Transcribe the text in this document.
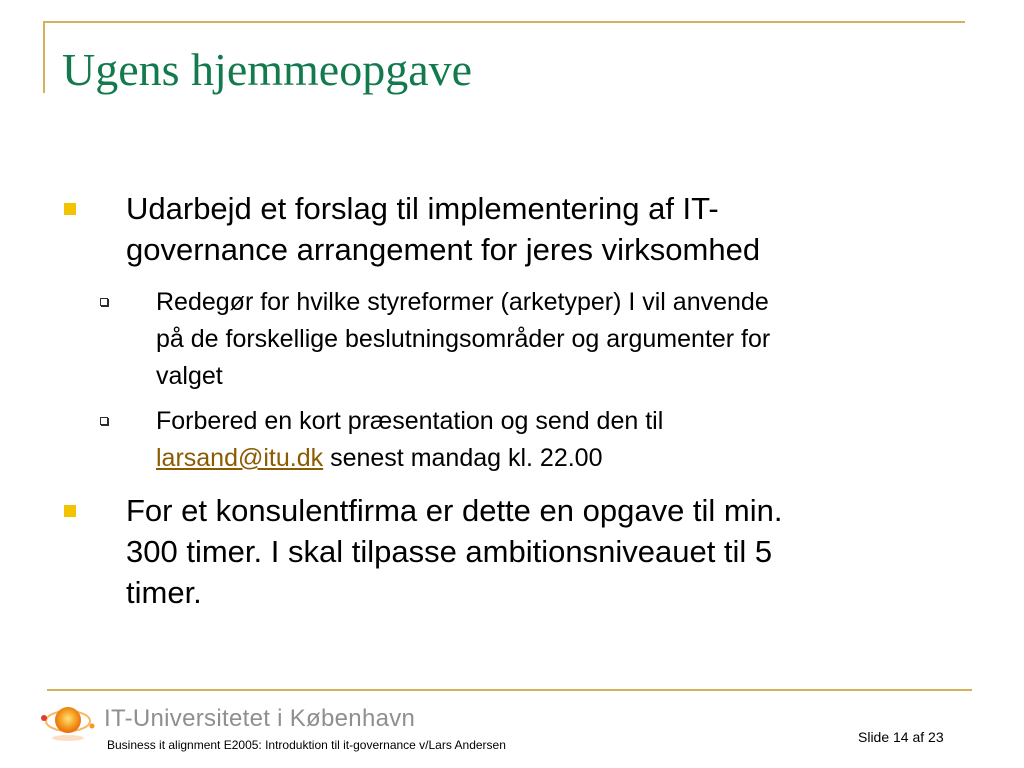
Ugens hjemmeopgave
Udarbejd et forslag til implementering af IT-
governance arrangement for jeres virksomhed
Redegør for hvilke styreformer (arketyper) I vil anvende
på de forskellige beslutningsområder og argumenter for
valget
Forbered en kort præsentation og send den til
larsand@itu.dk senest mandag kl. 22.00
For et konsulentfirma er dette en opgave til min.
300 timer. I skal tilpasse ambitionsniveauet til 5
timer.
IT-Universitetet i København
Business it alignment E2005: Introduktion til it-governance v/Lars Andersen	Slide 14 af 23
